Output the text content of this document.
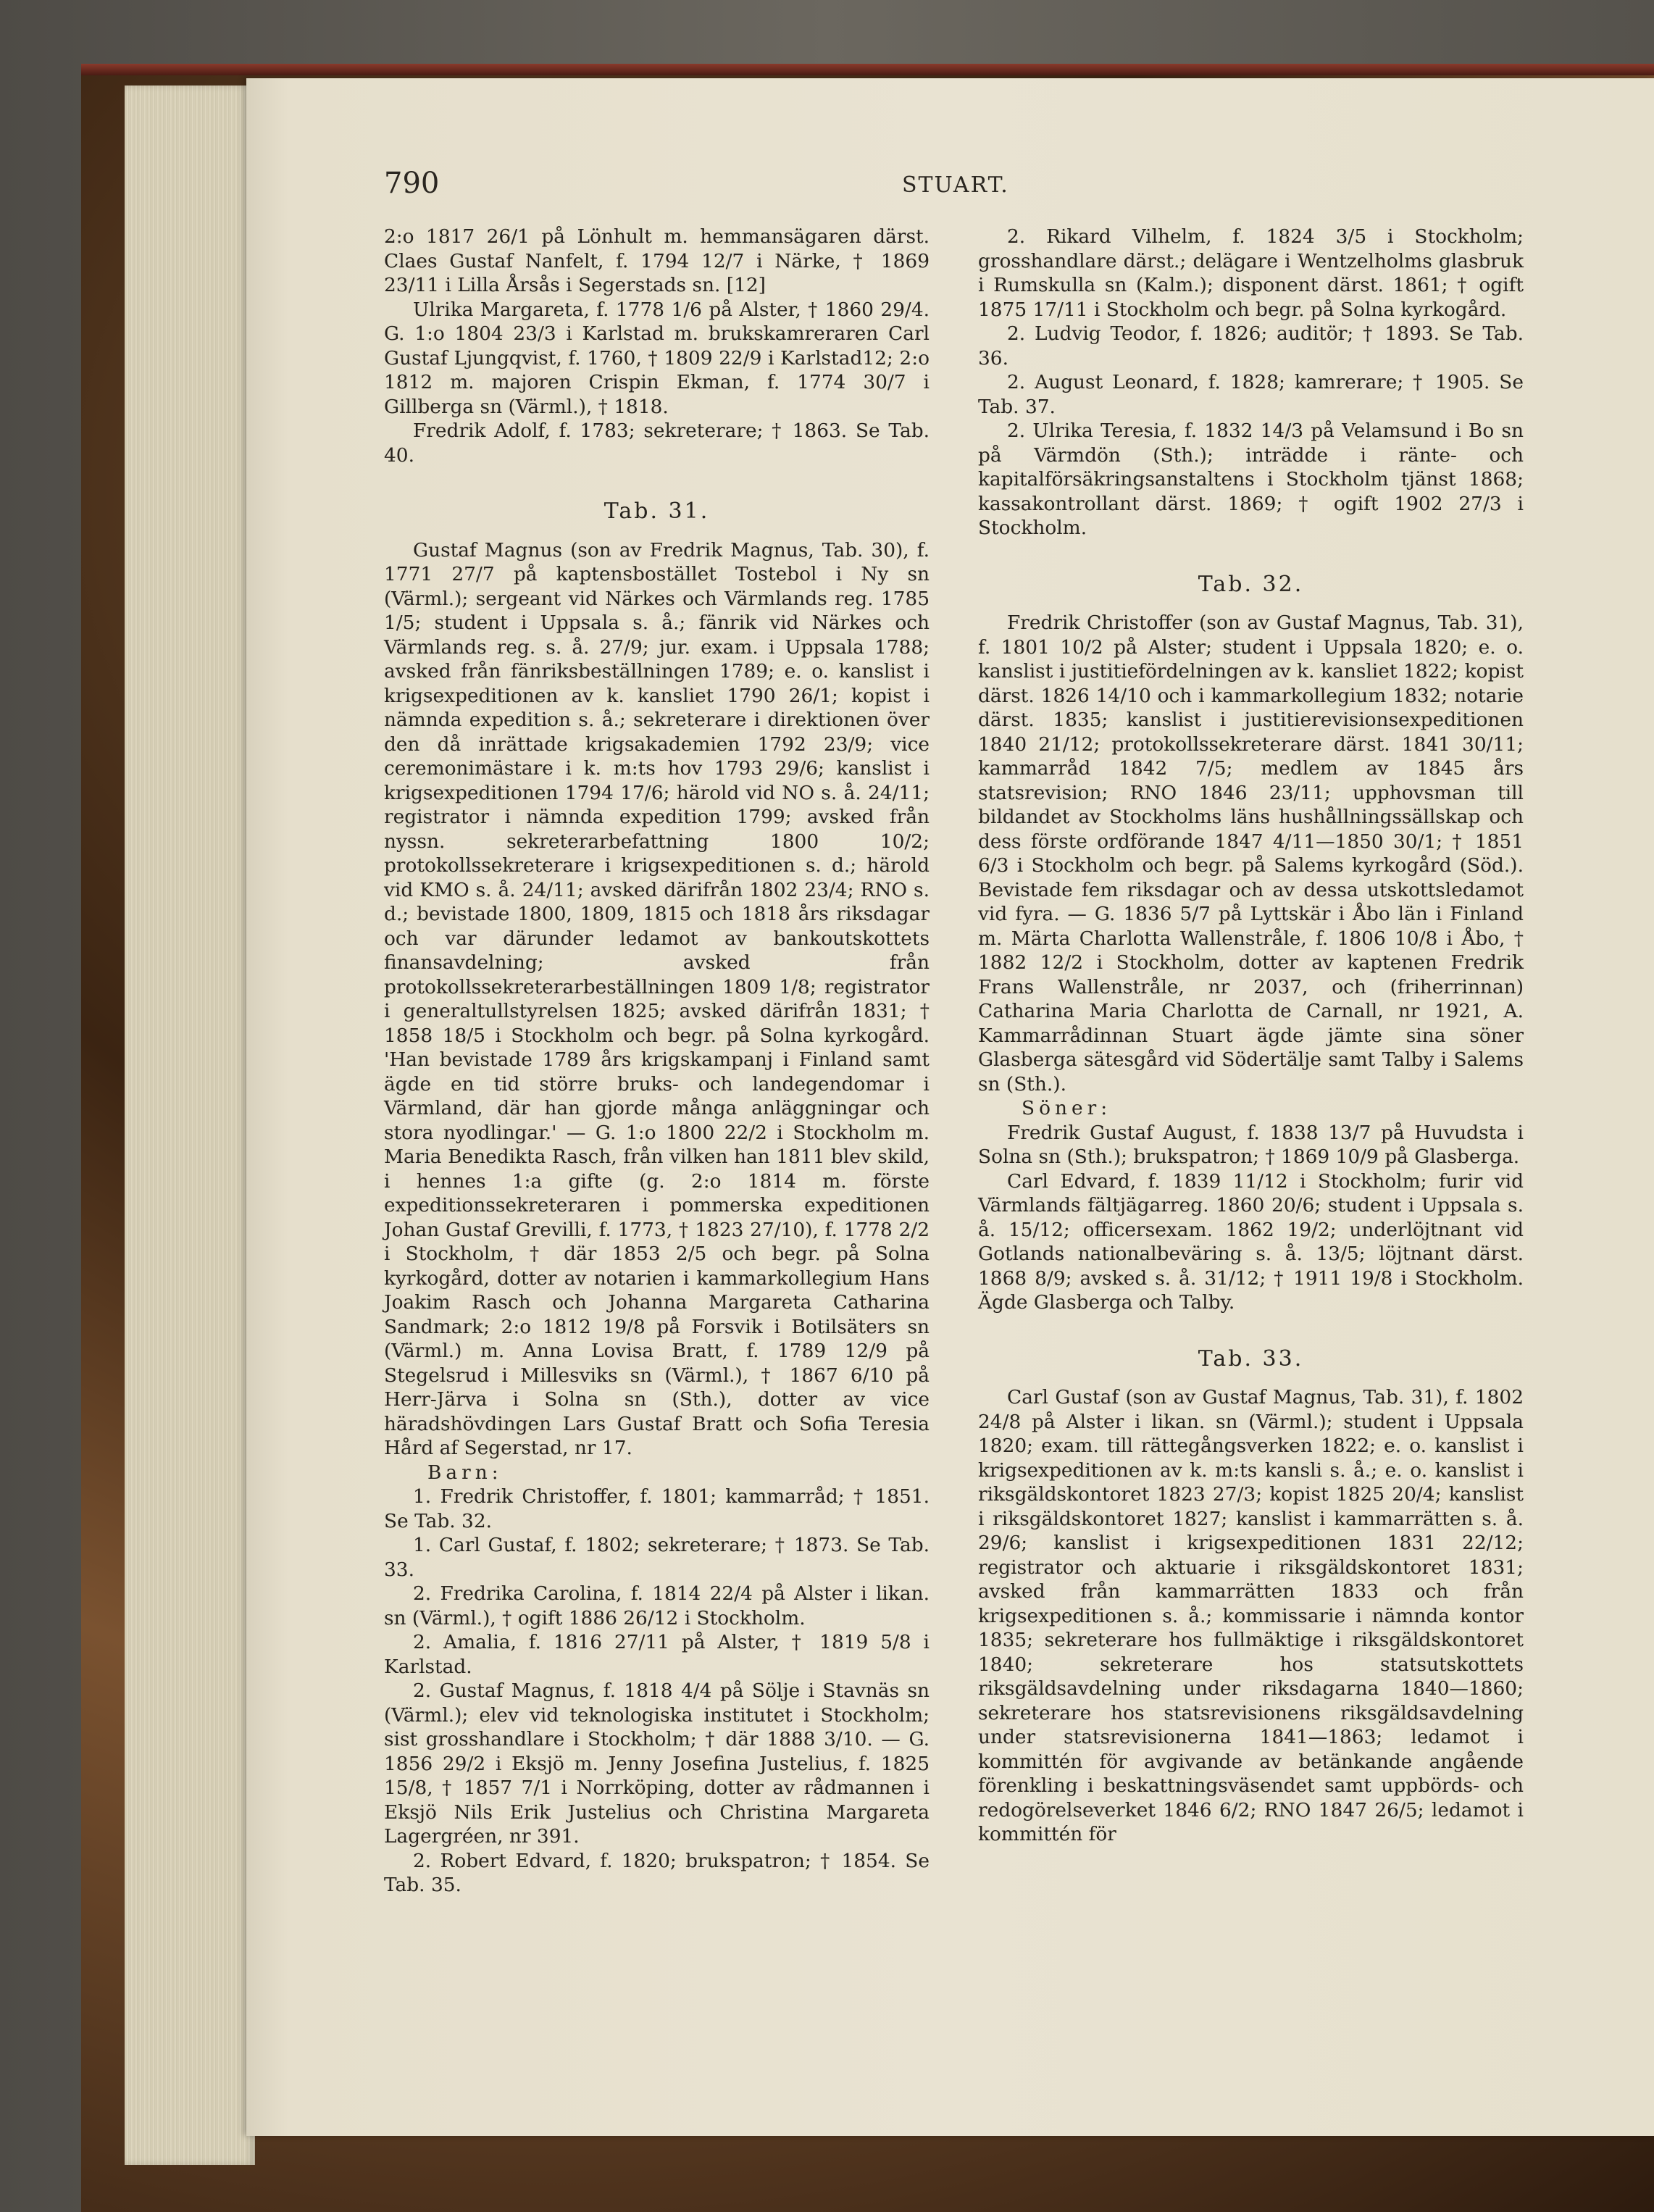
790	STUART.

2:o 1817 26/1 på Lönhult m. hemmansägaren därst. Claes Gustaf Nanfelt, f. 1794 12/7 i Närke, † 1869 23/11 i Lilla Årsås i Segerstads sn. [12]

Ulrika Margareta, f. 1778 1/6 på Alster, † 1860 29/4. G. 1:o 1804 23/3 i Karlstad m. brukskamreraren Carl Gustaf Ljungqvist, f. 1760, † 1809 22/9 i Karlstad12; 2:o 1812 m. majoren Crispin Ekman, f. 1774 30/7 i Gillberga sn (Värml.), † 1818.

Fredrik Adolf, f. 1783; sekreterare; † 1863. Se Tab. 40.

Tab. 31.

Gustaf Magnus (son av Fredrik Magnus, Tab. 30), f. 1771 27/7 på kaptensbostället Tostebol i Ny sn (Värml.); sergeant vid Närkes och Värmlands reg. 1785 1/5; student i Uppsala s. å.; fänrik vid Närkes och Värmlands reg. s. å. 27/9; jur. exam. i Uppsala 1788; avsked från fänriksbeställningen 1789; e. o. kanslist i krigsexpeditionen av k. kansliet 1790 26/1; kopist i nämnda expedition s. å.; sekreterare i direktionen över den då inrättade krigsakademien 1792 23/9; vice ceremonimästare i k. m:ts hov 1793 29/6; kanslist i krigsexpeditionen 1794 17/6; härold vid NO s. å. 24/11; registrator i nämnda expedition 1799; avsked från nyssn. sekreterarbefattning 1800 10/2; protokollssekreterare i krigsexpeditionen s. d.; härold vid KMO s. å. 24/11; avsked därifrån 1802 23/4; RNO s. d.; bevistade 1800, 1809, 1815 och 1818 års riksdagar och var därunder ledamot av bankoutskottets finansavdelning; avsked från protokollssekreterarbeställningen 1809 1/8; registrator i generaltullstyrelsen 1825; avsked därifrån 1831; † 1858 18/5 i Stockholm och begr. på Solna kyrkogård. 'Han bevistade 1789 års krigskampanj i Finland samt ägde en tid större bruks- och landegendomar i Värmland, där han gjorde många anläggningar och stora nyodlingar.' — G. 1:o 1800 22/2 i Stockholm m. Maria Benedikta Rasch, från vilken han 1811 blev skild, i hennes 1:a gifte (g. 2:o 1814 m. förste expeditionssekreteraren i pommerska expeditionen Johan Gustaf Grevilli, f. 1773, † 1823 27/10), f. 1778 2/2 i Stockholm, † där 1853 2/5 och begr. på Solna kyrkogård, dotter av notarien i kammarkollegium Hans Joakim Rasch och Johanna Margareta Catharina Sandmark; 2:o 1812 19/8 på Forsvik i Botilsäters sn (Värml.) m. Anna Lovisa Bratt, f. 1789 12/9 på Stegelsrud i Millesviks sn (Värml.), † 1867 6/10 på Herr-Järva i Solna sn (Sth.), dotter av vice häradshövdingen Lars Gustaf Bratt och Sofia Teresia Hård af Segerstad, nr 17.

Barn:

1. Fredrik Christoffer, f. 1801; kammarråd; † 1851. Se Tab. 32.

1. Carl Gustaf, f. 1802; sekreterare; † 1873. Se Tab. 33.

2. Fredrika Carolina, f. 1814 22/4 på Alster i likan. sn (Värml.), † ogift 1886 26/12 i Stockholm.

2. Amalia, f. 1816 27/11 på Alster, † 1819 5/8 i Karlstad.

2. Gustaf Magnus, f. 1818 4/4 på Sölje i Stavnäs sn (Värml.); elev vid teknologiska institutet i Stockholm; sist grosshandlare i Stockholm; † där 1888 3/10. — G. 1856 29/2 i Eksjö m. Jenny Josefina Justelius, f. 1825 15/8, † 1857 7/1 i Norrköping, dotter av rådmannen i Eksjö Nils Erik Justelius och Christina Margareta Lagergréen, nr 391.

2. Robert Edvard, f. 1820; brukspatron; † 1854. Se Tab. 35.

2. Rikard Vilhelm, f. 1824 3/5 i Stockholm; grosshandlare därst.; delägare i Wentzelholms glasbruk i Rumskulla sn (Kalm.); disponent därst. 1861; † ogift 1875 17/11 i Stockholm och begr. på Solna kyrkogård.

2. Ludvig Teodor, f. 1826; auditör; † 1893. Se Tab. 36.

2. August Leonard, f. 1828; kamrerare; † 1905. Se Tab. 37.

2. Ulrika Teresia, f. 1832 14/3 på Velamsund i Bo sn på Värmdön (Sth.); inträdde i ränte- och kapitalförsäkringsanstaltens i Stockholm tjänst 1868; kassakontrollant därst. 1869; † ogift 1902 27/3 i Stockholm.

Tab. 32.

Fredrik Christoffer (son av Gustaf Magnus, Tab. 31), f. 1801 10/2 på Alster; student i Uppsala 1820; e. o. kanslist i justitiefördelningen av k. kansliet 1822; kopist därst. 1826 14/10 och i kammarkollegium 1832; notarie därst. 1835; kanslist i justitierevisionsexpeditionen 1840 21/12; protokollssekreterare därst. 1841 30/11; kammarråd 1842 7/5; medlem av 1845 års statsrevision; RNO 1846 23/11; upphovsman till bildandet av Stockholms läns hushållningssällskap och dess förste ordförande 1847 4/11—1850 30/1; † 1851 6/3 i Stockholm och begr. på Salems kyrkogård (Söd.). Bevistade fem riksdagar och av dessa utskottsledamot vid fyra. — G. 1836 5/7 på Lyttskär i Åbo län i Finland m. Märta Charlotta Wallenstråle, f. 1806 10/8 i Åbo, † 1882 12/2 i Stockholm, dotter av kaptenen Fredrik Frans Wallenstråle, nr 2037, och (friherrinnan) Catharina Maria Charlotta de Carnall, nr 1921, A. Kammarrådinnan Stuart ägde jämte sina söner Glasberga sätesgård vid Södertälje samt Talby i Salems sn (Sth.).

Söner:

Fredrik Gustaf August, f. 1838 13/7 på Huvudsta i Solna sn (Sth.); brukspatron; † 1869 10/9 på Glasberga.

Carl Edvard, f. 1839 11/12 i Stockholm; furir vid Värmlands fältjägarreg. 1860 20/6; student i Uppsala s. å. 15/12; officersexam. 1862 19/2; underlöjtnant vid Gotlands nationalbeväring s. å. 13/5; löjtnant därst. 1868 8/9; avsked s. å. 31/12; † 1911 19/8 i Stockholm. Ägde Glasberga och Talby.

Tab. 33.

Carl Gustaf (son av Gustaf Magnus, Tab. 31), f. 1802 24/8 på Alster i likan. sn (Värml.); student i Uppsala 1820; exam. till rättegångsverken 1822; e. o. kanslist i krigsexpeditionen av k. m:ts kansli s. å.; e. o. kanslist i riksgäldskontoret 1823 27/3; kopist 1825 20/4; kanslist i riksgäldskontoret 1827; kanslist i kammarrätten s. å. 29/6; kanslist i krigsexpeditionen 1831 22/12; registrator och aktuarie i riksgäldskontoret 1831; avsked från kammarrätten 1833 och från krigsexpeditionen s. å.; kommissarie i nämnda kontor 1835; sekreterare hos fullmäktige i riksgäldskontoret 1840; sekreterare hos statsutskottets riksgäldsavdelning under riksdagarna 1840—1860; sekreterare hos statsrevisionens riksgäldsavdelning under statsrevisionerna 1841—1863; ledamot i kommittén för avgivande av betänkande angående förenkling i beskattningsväsendet samt uppbörds- och redogörelseverket 1846 6/2; RNO 1847 26/5; ledamot i kommittén för
